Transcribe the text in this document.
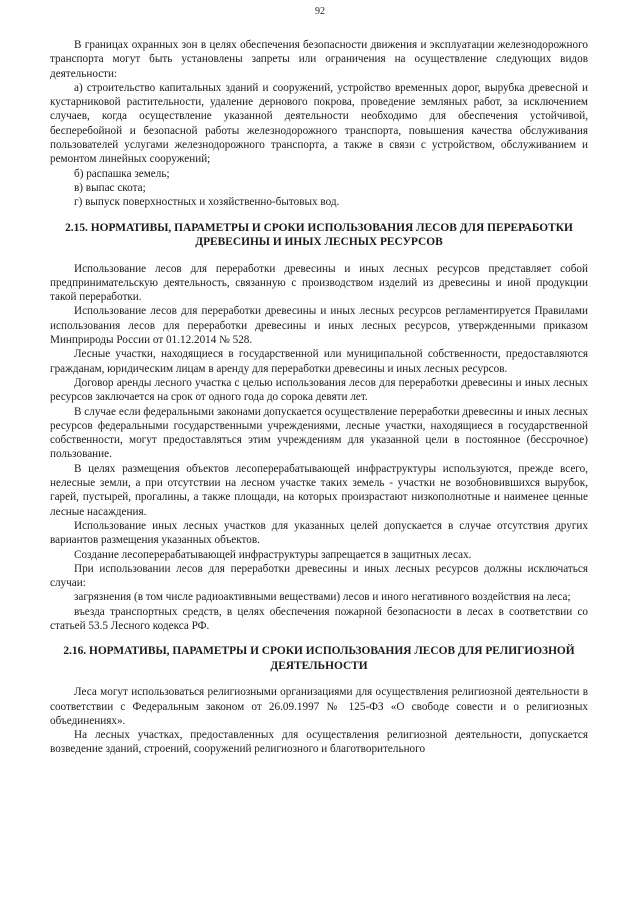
92

В границах охранных зон в целях обеспечения безопасности движения и эксплуатации железнодорожного транспорта могут быть установлены запреты или ограничения на осуществление следующих видов деятельности:

а) строительство капитальных зданий и сооружений, устройство временных дорог, вырубка древесной и кустарниковой растительности, удаление дернового покрова, проведение земляных работ, за исключением случаев, когда осуществление указанной деятельности необходимо для обеспечения устойчивой, бесперебойной и безопасной работы железнодорожного транспорта, повышения качества обслуживания пользователей услугами железнодорожного транспорта, а также в связи с устройством, обслуживанием и ремонтом линейных сооружений;

б) распашка земель;

в) выпас скота;

г) выпуск поверхностных и хозяйственно-бытовых вод.

2.15. НОРМАТИВЫ, ПАРАМЕТРЫ И СРОКИ ИСПОЛЬЗОВАНИЯ ЛЕСОВ ДЛЯ ПЕРЕРАБОТКИ ДРЕВЕСИНЫ И ИНЫХ ЛЕСНЫХ РЕСУРСОВ

Использование лесов для переработки древесины и иных лесных ресурсов представляет собой предпринимательскую деятельность, связанную с производством изделий из древесины и иной продукции такой переработки.

Использование лесов для переработки древесины и иных лесных ресурсов регламентируется Правилами использования лесов для переработки древесины и иных лесных ресурсов, утвержденными приказом Минприроды России от 01.12.2014 № 528.

Лесные участки, находящиеся в государственной или муниципальной собственности, предоставляются гражданам, юридическим лицам в аренду для переработки древесины и иных лесных ресурсов.

Договор аренды лесного участка с целью использования лесов для переработки древесины и иных лесных ресурсов заключается на срок от одного года до сорока девяти лет.

В случае если федеральными законами допускается осуществление переработки древесины и иных лесных ресурсов федеральными государственными учреждениями, лесные участки, находящиеся в государственной собственности, могут предоставляться этим учреждениям для указанной цели в постоянное (бессрочное) пользование.

В целях размещения объектов лесоперерабатывающей инфраструктуры используются, прежде всего, нелесные земли, а при отсутствии на лесном участке таких земель - участки не возобновившихся вырубок, гарей, пустырей, прогалины, а также площади, на которых произрастают низкополнотные и наименее ценные лесные насаждения.

Использование иных лесных участков для указанных целей допускается в случае отсутствия других вариантов размещения указанных объектов.

Создание лесоперерабатывающей инфраструктуры запрещается в защитных лесах.

При использовании лесов для переработки древесины и иных лесных ресурсов должны исключаться случаи:

загрязнения (в том числе радиоактивными веществами) лесов и иного негативного воздействия на леса;

въезда транспортных средств, в целях обеспечения пожарной безопасности в лесах в соответствии со статьей 53.5 Лесного кодекса РФ.

2.16. НОРМАТИВЫ, ПАРАМЕТРЫ И СРОКИ ИСПОЛЬЗОВАНИЯ ЛЕСОВ ДЛЯ РЕЛИГИОЗНОЙ ДЕЯТЕЛЬНОСТИ

Леса могут использоваться религиозными организациями для осуществления религиозной деятельности в соответствии с Федеральным законом от 26.09.1997 № 125-ФЗ «О свободе совести и о религиозных объединениях».

На лесных участках, предоставленных для осуществления религиозной деятельности, допускается возведение зданий, строений, сооружений религиозного и благотворительного
